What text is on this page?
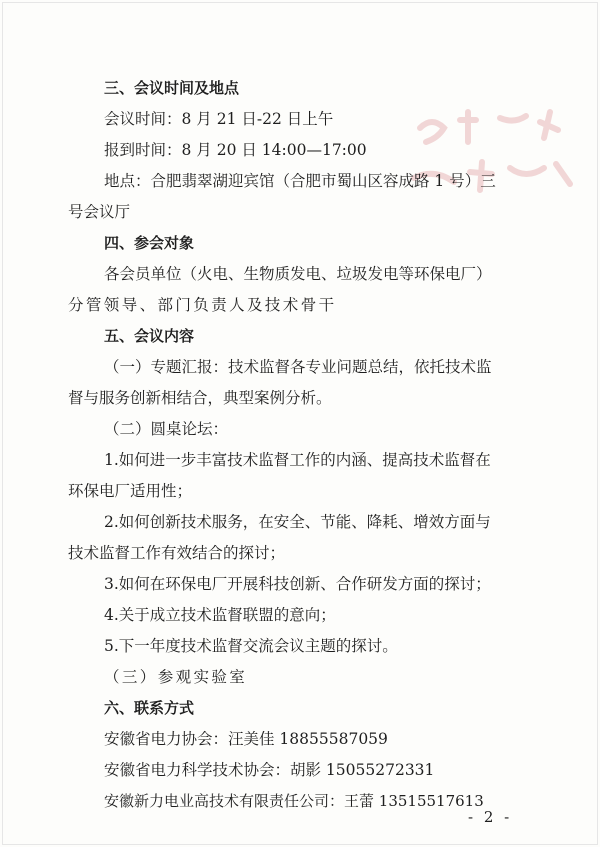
三、会议时间及地点

会议时间：8 月 21 日-22 日上午

报到时间：8 月 20 日 14:00—17:00

地点：合肥翡翠湖迎宾馆（合肥市蜀山区容成路 1 号）三

号会议厅

四、参会对象

各会员单位（火电、生物质发电、垃圾发电等环保电厂）

分管领导、部门负责人及技术骨干

五、会议内容

（一）专题汇报：技术监督各专业问题总结，依托技术监

督与服务创新相结合，典型案例分析。

（二）圆桌论坛：

1.如何进一步丰富技术监督工作的内涵、提高技术监督在

环保电厂适用性；

2.如何创新技术服务，在安全、节能、降耗、增效方面与

技术监督工作有效结合的探讨；

3.如何在环保电厂开展科技创新、合作研发方面的探讨；

4.关于成立技术监督联盟的意向；

5.下一年度技术监督交流会议主题的探讨。

（三）参观实验室

六、联系方式

安徽省电力协会：汪美佳 18855587059

安徽省电力科学技术协会：胡影 15055272331

安徽新力电业高技术有限责任公司：王蕾 13515517613

- 2 -
